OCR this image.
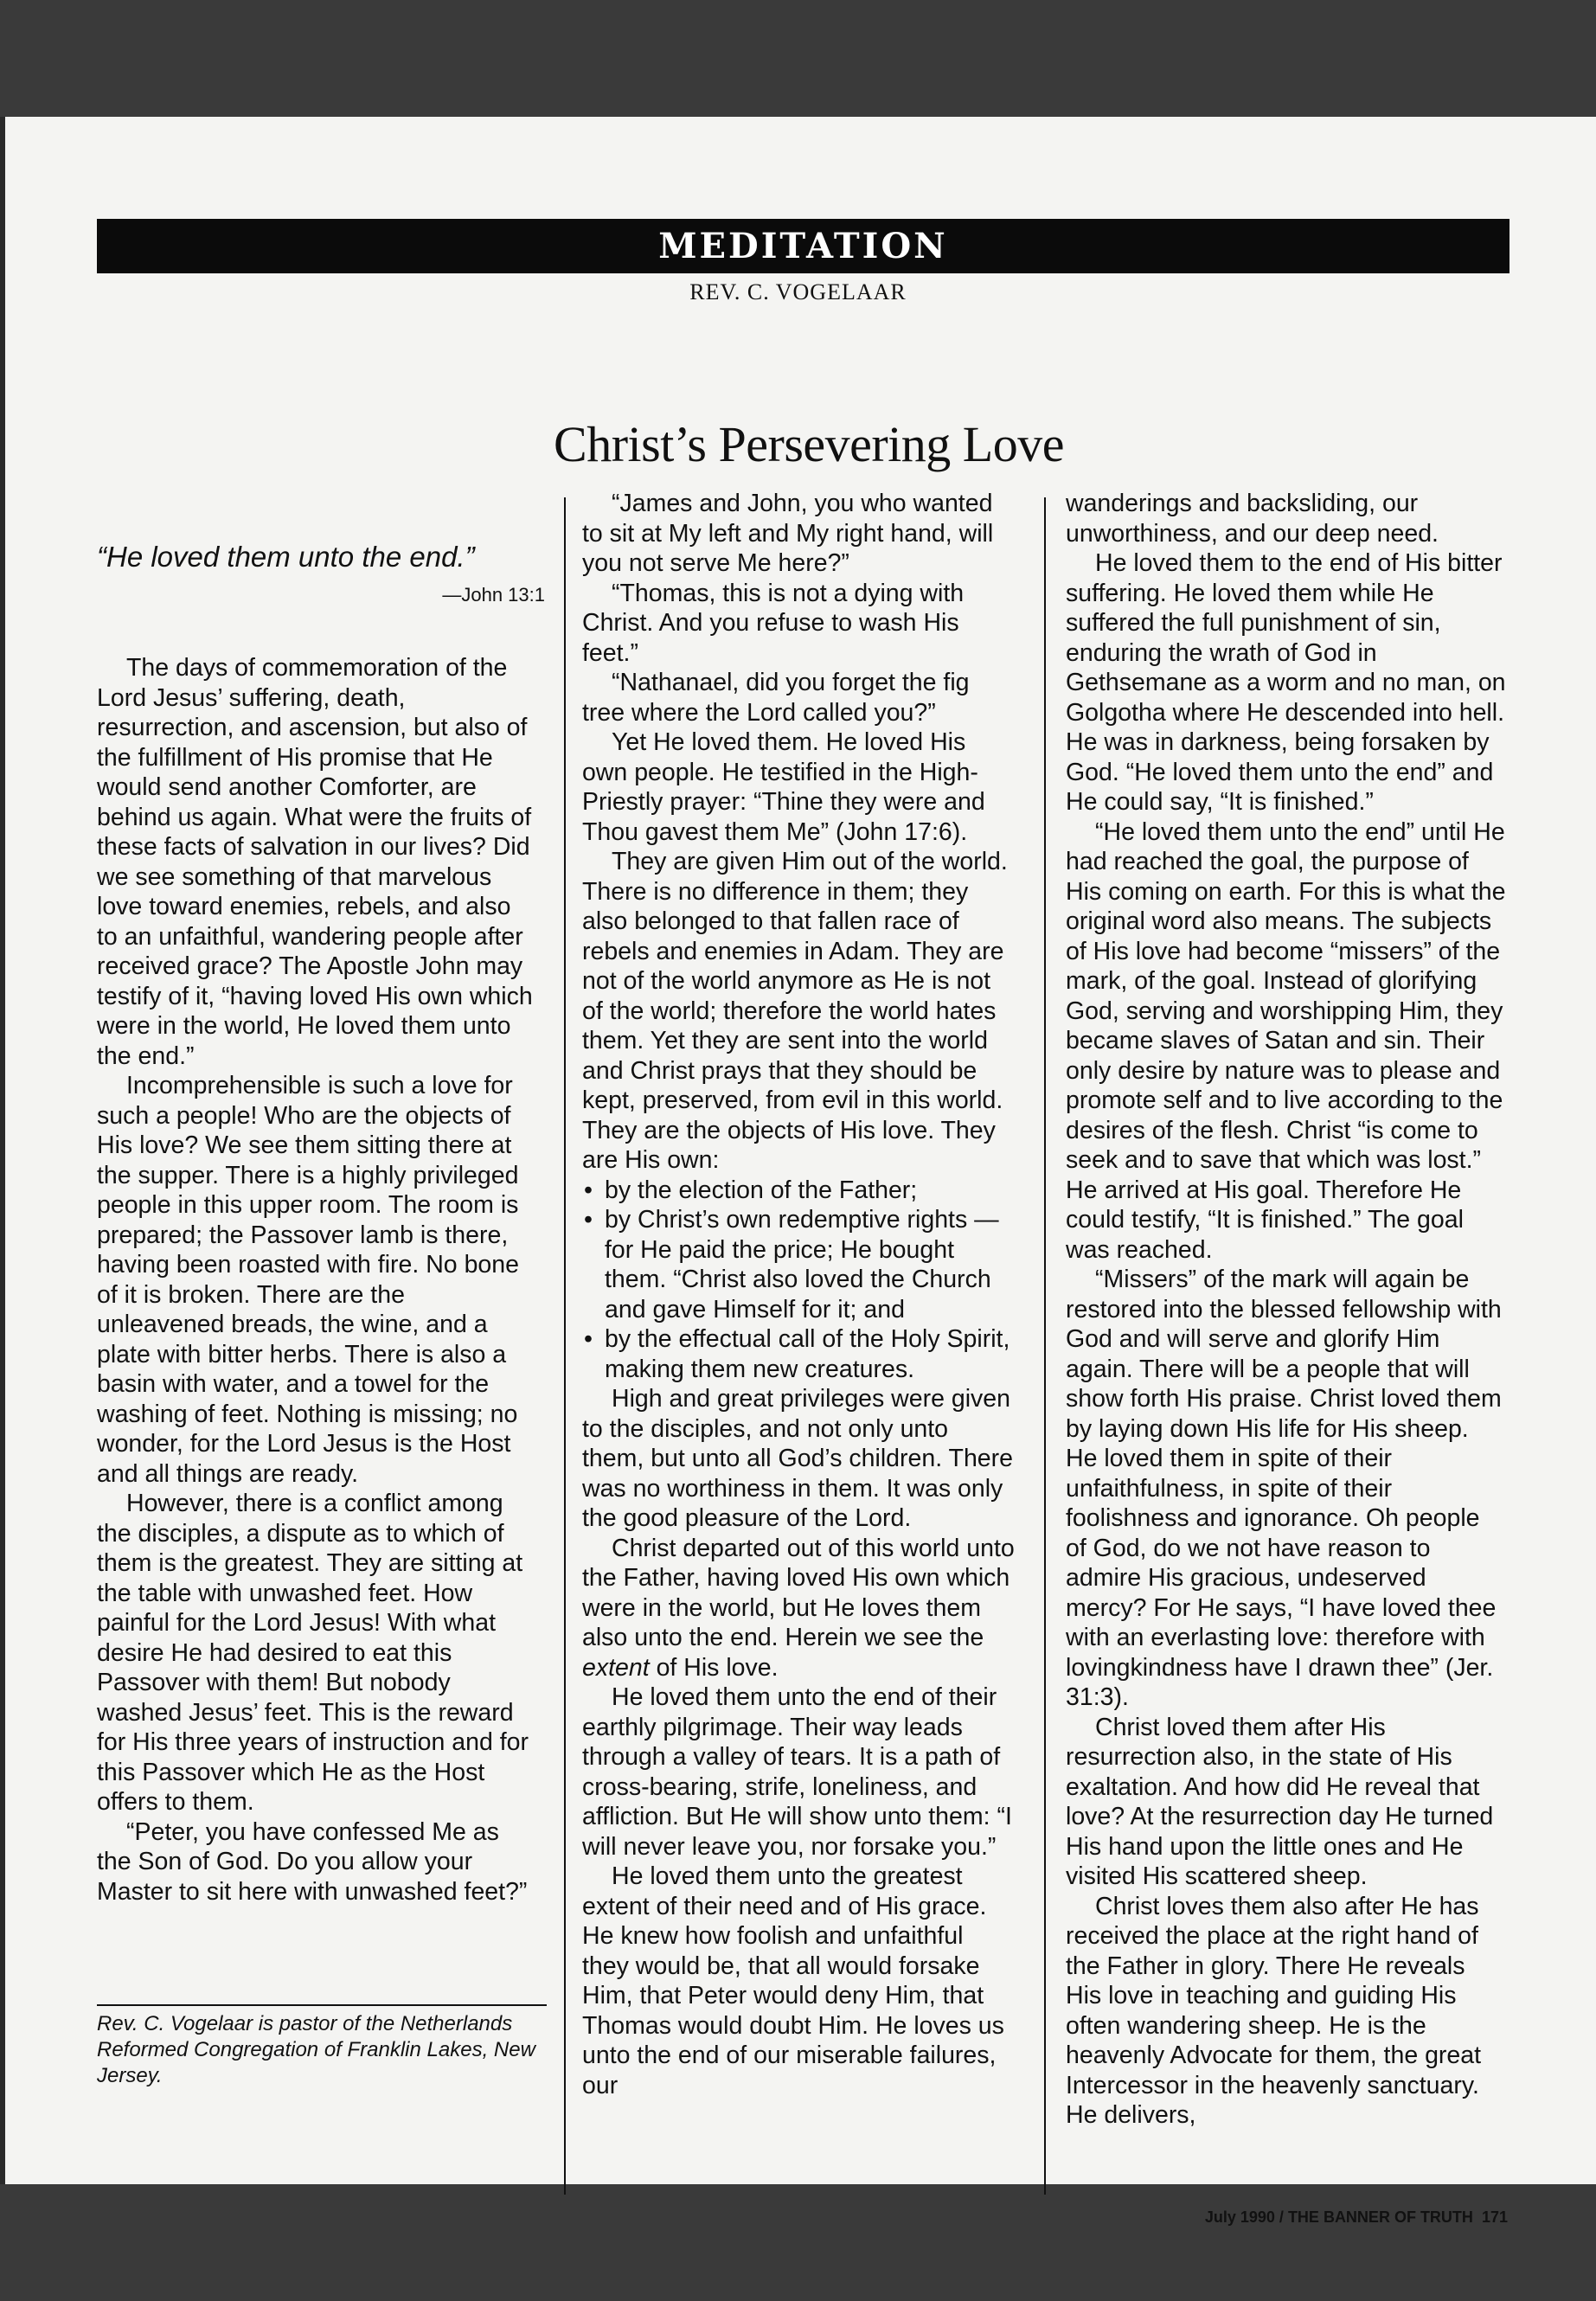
MEDITATION
REV. C. VOGELAAR
Christ’s Persevering Love
“He loved them unto the end.”
—John 13:1

The days of commemoration of the Lord Jesus’ suffering, death, resurrection, and ascension, but also of the fulfillment of His promise that He would send another Comforter, are behind us again. What were the fruits of these facts of salvation in our lives? Did we see something of that marvelous love toward enemies, rebels, and also to an unfaithful, wandering people after received grace? The Apostle John may testify of it, “having loved His own which were in the world, He loved them unto the end.”

Incomprehensible is such a love for such a people! Who are the objects of His love? We see them sitting there at the supper. There is a highly privileged people in this upper room. The room is prepared; the Passover lamb is there, having been roasted with fire. No bone of it is broken. There are the unleavened breads, the wine, and a plate with bitter herbs. There is also a basin with water, and a towel for the washing of feet. Nothing is missing; no wonder, for the Lord Jesus is the Host and all things are ready.

However, there is a conflict among the disciples, a dispute as to which of them is the greatest. They are sitting at the table with unwashed feet. How painful for the Lord Jesus! With what desire He had desired to eat this Passover with them! But nobody washed Jesus’ feet. This is the reward for His three years of instruction and for this Passover which He as the Host offers to them.

“Peter, you have confessed Me as the Son of God. Do you allow your Master to sit here with unwashed feet?”

Rev. C. Vogelaar is pastor of the Netherlands Reformed Congregation of Franklin Lakes, New Jersey.

“James and John, you who wanted to sit at My left and My right hand, will you not serve Me here?”

“Thomas, this is not a dying with Christ. And you refuse to wash His feet.”

“Nathanael, did you forget the fig tree where the Lord called you?”

Yet He loved them. He loved His own people. He testified in the High-Priestly prayer: “Thine they were and Thou gavest them Me” (John 17:6).

They are given Him out of the world. There is no difference in them; they also belonged to that fallen race of rebels and enemies in Adam. They are not of the world anymore as He is not of the world; therefore the world hates them. Yet they are sent into the world and Christ prays that they should be kept, preserved, from evil in this world. They are the objects of His love. They are His own:

• by the election of the Father;
• by Christ’s own redemptive rights —for He paid the price; He bought them. “Christ also loved the Church and gave Himself for it; and
• by the effectual call of the Holy Spirit, making them new creatures.

High and great privileges were given to the disciples, and not only unto them, but unto all God’s children. There was no worthiness in them. It was only the good pleasure of the Lord.

Christ departed out of this world unto the Father, having loved His own which were in the world, but He loves them also unto the end. Herein we see the extent of His love.

He loved them unto the end of their earthly pilgrimage. Their way leads through a valley of tears. It is a path of cross-bearing, strife, loneliness, and affliction. But He will show unto them: “I will never leave you, nor forsake you.”

He loved them unto the greatest extent of their need and of His grace. He knew how foolish and unfaithful they would be, that all would forsake Him, that Peter would deny Him, that Thomas would doubt Him. He loves us unto the end of our miserable failures, our

wanderings and backsliding, our unworthiness, and our deep need.

He loved them to the end of His bitter suffering. He loved them while He suffered the full punishment of sin, enduring the wrath of God in Gethsemane as a worm and no man, on Golgotha where He descended into hell. He was in darkness, being forsaken by God. “He loved them unto the end” and He could say, “It is finished.”

“He loved them unto the end” until He had reached the goal, the purpose of His coming on earth. For this is what the original word also means. The subjects of His love had become “missers” of the mark, of the goal. Instead of glorifying God, serving and worshipping Him, they became slaves of Satan and sin. Their only desire by nature was to please and promote self and to live according to the desires of the flesh. Christ “is come to seek and to save that which was lost.” He arrived at His goal. Therefore He could testify, “It is finished.” The goal was reached.

“Missers” of the mark will again be restored into the blessed fellowship with God and will serve and glorify Him again. There will be a people that will show forth His praise. Christ loved them by laying down His life for His sheep. He loved them in spite of their unfaithfulness, in spite of their foolishness and ignorance. Oh people of God, do we not have reason to admire His gracious, undeserved mercy? For He says, “I have loved thee with an everlasting love: therefore with lovingkindness have I drawn thee” (Jer. 31:3).

Christ loved them after His resurrection also, in the state of His exaltation. And how did He reveal that love? At the resurrection day He turned His hand upon the little ones and He visited His scattered sheep.

Christ loves them also after He has received the place at the right hand of the Father in glory. There He reveals His love in teaching and guiding His often wandering sheep. He is the heavenly Advocate for them, the great Intercessor in the heavenly sanctuary. He delivers,

July 1990 / THE BANNER OF TRUTH 171
